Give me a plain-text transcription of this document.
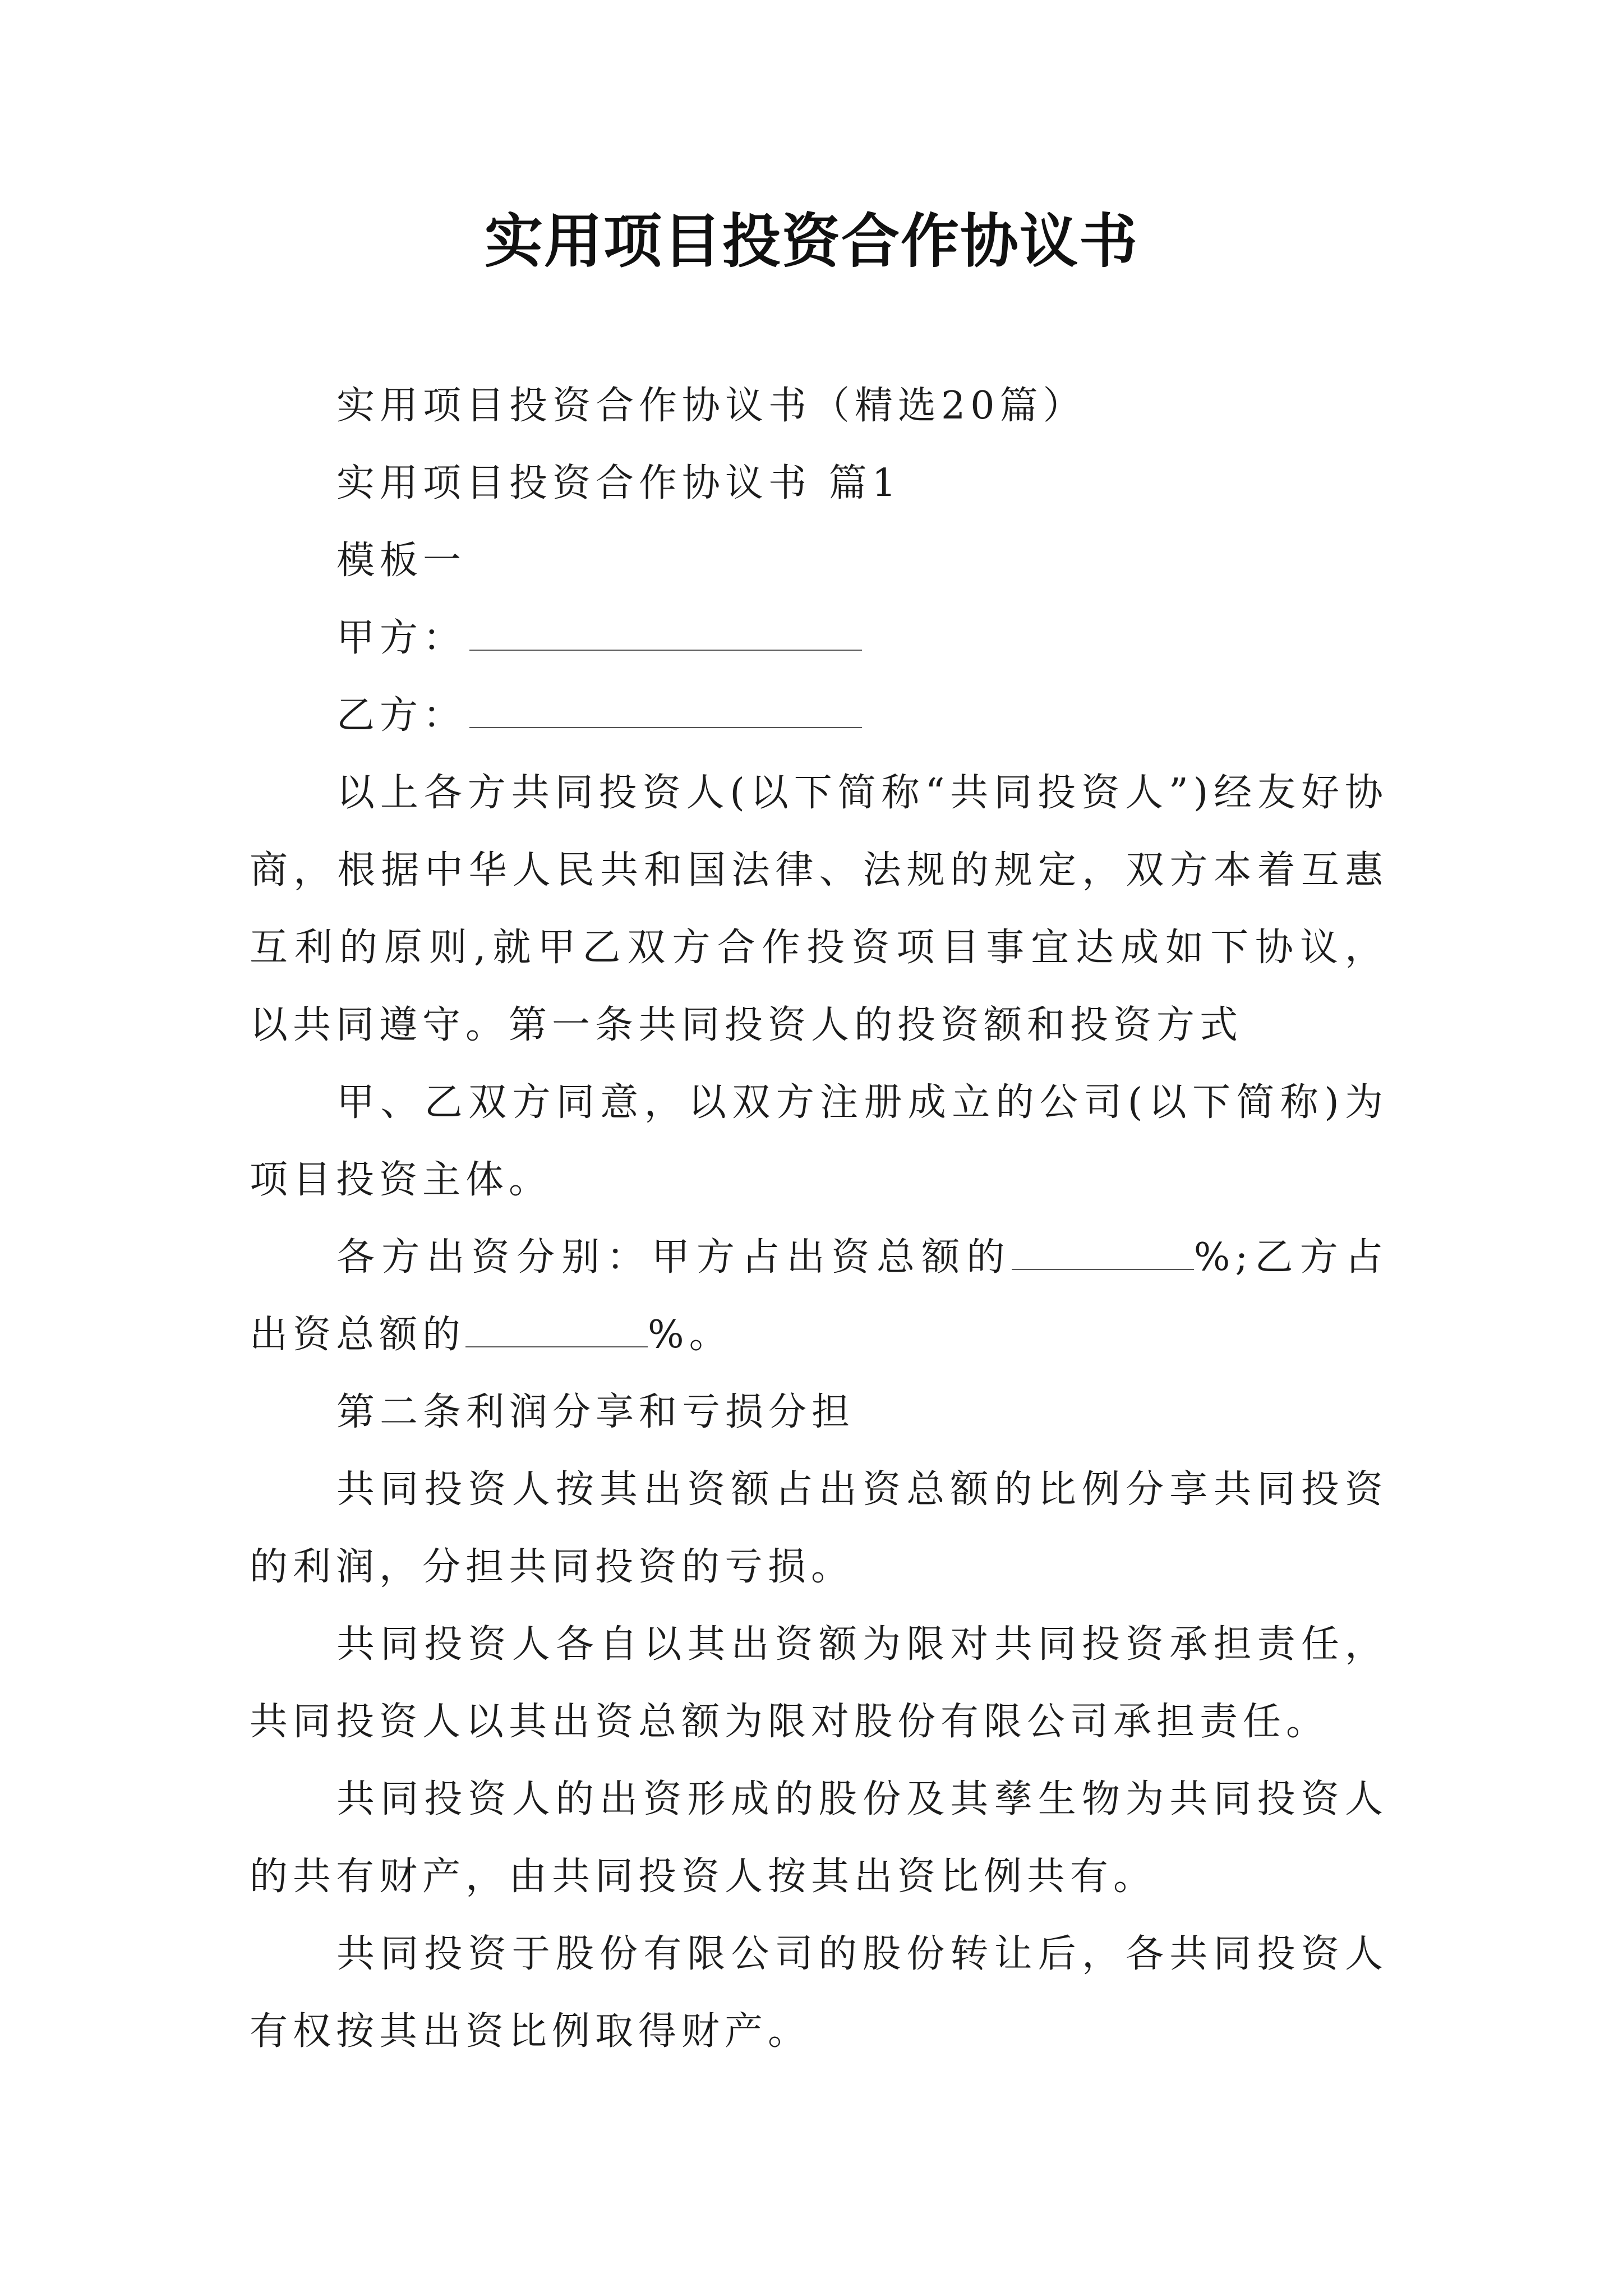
实用项目投资合作协议书

实用项目投资合作协议书（精选20篇）

实用项目投资合作协议书 篇1

模板一

甲方：

乙方：

以上各方共同投资人(以下简称“共同投资人”)经友好协商，根据中华人民共和国法律、法规的规定，双方本着互惠互利的原则,就甲乙双方合作投资项目事宜达成如下协议，以共同遵守。第一条共同投资人的投资额和投资方式

甲、乙双方同意，以双方注册成立的公司(以下简称)为项目投资主体。

各方出资分别：甲方占出资总额的	%;乙方占出资总额的	%。

第二条利润分享和亏损分担

共同投资人按其出资额占出资总额的比例分享共同投资的利润，分担共同投资的亏损。

共同投资人各自以其出资额为限对共同投资承担责任，共同投资人以其出资总额为限对股份有限公司承担责任。

共同投资人的出资形成的股份及其孳生物为共同投资人的共有财产，由共同投资人按其出资比例共有。

共同投资于股份有限公司的股份转让后，各共同投资人有权按其出资比例取得财产。
